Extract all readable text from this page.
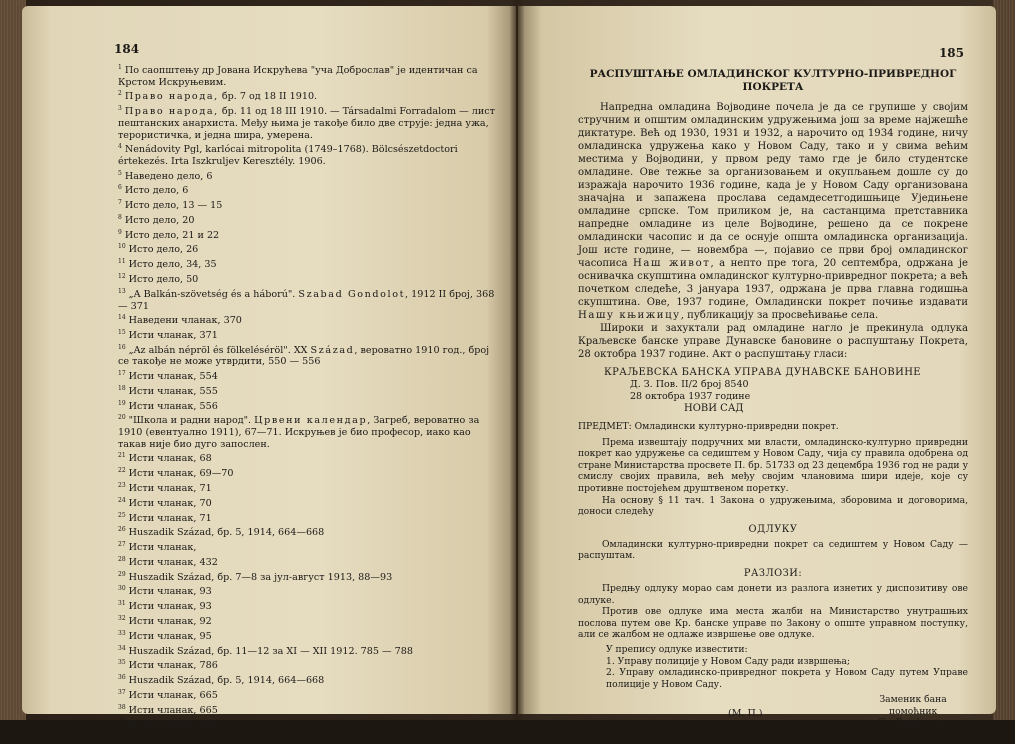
184

$^1$ По саопштењу др Јована Искрућева "уча Доброслав" је идентичан са Крстом Искруњевим.

$^2$ Право народа, бр. 7 од 18 II 1910.

$^3$ Право народа, бр. 11 од 18 III 1910. — Társadalmi Forradalom — лист пештанских анархиста. Међу њима је такође било две струје: једна ужа, терористичка, и једна шира, умерена.

$^4$ Nenádovity Pgl, karlócai mitropolita (1749–1768). Bölcsészetdoctori értekezés. Irta Iszkruljev Keresztély. 1906.

$^5$ Наведено дело, 6

$^6$ Исто дело, 6

$^7$ Исто дело, 13 — 15

$^8$ Исто дело, 20

$^9$ Исто дело, 21 и 22

$^{10}$ Исто дело, 26

$^{11}$ Исто дело, 34, 35

$^{12}$ Исто дело, 50

$^{13}$ „A Balkán-szövetség és a háború". Szabad Gondolot, 1912 II број, 368 — 371

$^{14}$ Наведени чланак, 370

$^{15}$ Исти чланак, 371

$^{16}$ „Az albán népröl és fölkeléséröl". XX Század, вероватно 1910 год., број се такође не може утврдити, 550 — 556

$^{17}$ Исти чланак, 554

$^{18}$ Исти чланак, 555

$^{19}$ Исти чланак, 556

$^{20}$ "Школа и радни народ". Црвени календар, Загреб, вероватно за 1910 (евентуално 1911), 67—71. Искруњев је био професор, иако као такав није био дуго запослен.

$^{21}$ Исти чланак, 68

$^{22}$ Исти чланак, 69—70

$^{23}$ Исти чланак, 71

$^{24}$ Исти чланак, 70

$^{25}$ Исти чланак, 71

$^{26}$ Huszadik Század, бр. 5, 1914, 664—668

$^{27}$ Исти чланак,

$^{28}$ Исти чланак, 432

$^{29}$ Huszadik Század, бр. 7—8 за јул-август 1913, 88—93

$^{30}$ Исти чланак, 93

$^{31}$ Исти чланак, 93

$^{32}$ Исти чланак, 92

$^{33}$ Исти чланак, 95

$^{34}$ Huszadik Század, бр. 11—12 за XI — XII 1912. 785 — 788

$^{35}$ Исти чланак, 786

$^{36}$ Huszadik Század, бр. 5, 1914, 664—668

$^{37}$ Исти чланак, 665

$^{38}$ Исти чланак, 665

$^{39}$ Исти чланак, 666

185
РАСПУШТАЊЕ ОМЛАДИНСКОГ КУЛТУРНО-ПРИВРЕДНОГ
ПОКРЕТА

Напредна омладина Војводине почела је да се групише у својим стручним и општим омладинским удружењима још за време најжешће диктатуре. Већ од 1930, 1931 и 1932, а нарочито од 1934 године, ничу омладинска удружења како у Новом Саду, тако и у свима већим местима у Војводини, у првом реду тамо где је било студентске омладине. Ове тежње за организовањем и окупљањем дошле су до изражаја нарочито 1936 године, када је у Новом Саду организована значајна и запажена прослава седамдесетгодишњице Уједињене омладине српске. Том приликом је, на састанцима претставника напредне омладине из целе Војводине, решено да се покрене омладински часопис и да се оснује општа омладинска организација. Још исте године, — новембра —, појавио се први број омладинског часописа Наш живот, а непто пре тога, 20 септембра, одржана је оснивачка скупштина омладинског културно-привредног покрета; а већ почетком следеће, 3 јануара 1937, одржана је прва главна годишња скупштина. Ове, 1937 године, Омладински покрет почиње издавати Нашу књижицу, публикацију за просвећивање села.

Широки и захуктали рад омладине нагло је прекинула одлука Краљевске банске управе Дунавске бановине о распуштању Покрета, 28 октобра 1937 године. Акт о распуштању гласи:

КРАЉЕВСКА БАНСКА УПРАВА ДУНАВСКЕ БАНОВИНЕ
Д. З. Пов. II/2 број 8540
28 октобра 1937 године
НОВИ САД

ПРЕДМЕТ: Омладински културно-привредни покрет.

Према извештају подручних ми власти, омладинско-културно привредни покрет као удружење са седиштем у Новом Саду, чија су правила одобрена од стране Министарства просвете П. бр. 51733 од 23 децембра 1936 год не ради у смислу својих правила, већ међу својим члановима шири идеје, које су противне постојећем друштвеном поретку.

На основу § 11 тач. 1 Закона о удружењима, зборовима и договорима, доноси следећу

ОДЛУКУ

Омладински културно-привредни покрет са седиштем у Новом Саду — распуштам.

РАЗЛОЗИ:

Предњу одлуку морао сам донети из разлога изнетих у диспозитиву ове одлуке.

Против ове одлуке има места жалби на Министарство унутрашњих послова путем ове Кр. банске управе по Закону о опште управном поступку, али се жалбом не одлаже извршење ове одлуке.

У препису одлуке известити:

1. Управу полиције у Новом Саду ради извршења;

2. Управу омладинско-привредног покрета у Новом Саду путем Управе полиције у Новом Саду.

(М. П.)
Заменик бана
помоћник
Св. Рајић, с. р.
